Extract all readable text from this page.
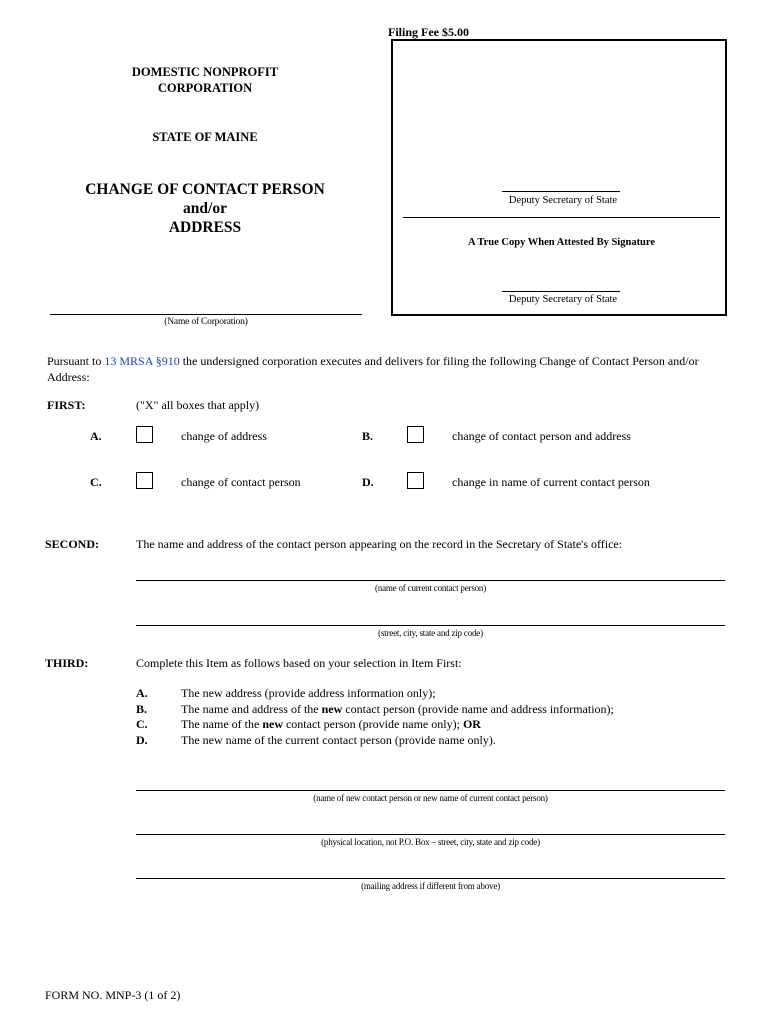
Filing Fee $5.00
DOMESTIC NONPROFIT
CORPORATION
STATE OF MAINE
CHANGE OF CONTACT PERSON
and/or
ADDRESS
Deputy Secretary of State
A True Copy When Attested By Signature
Deputy Secretary of State
(Name of Corporation)
Pursuant to 13 MRSA §910 the undersigned corporation executes and delivers for filing the following Change of Contact Person and/or Address:
FIRST:	("X" all boxes that apply)
A.	change of address	B.	change of contact person and address
C.	change of contact person	D.	change in name of current contact person
SECOND:	The name and address of the contact person appearing on the record in the Secretary of State's office:
(name of current contact person)
(street, city, state and zip code)
THIRD:	Complete this Item as follows based on your selection in Item First:
A.	The new address (provide address information only);
B.	The name and address of the new contact person (provide name and address information);
C.	The name of the new contact person (provide name only); OR
D.	The new name of the current contact person (provide name only).
(name of new contact person or new name of current contact person)
(physical location, not P.O. Box – street, city, state and zip code)
(mailing address if different from above)
FORM NO. MNP-3 (1 of 2)
